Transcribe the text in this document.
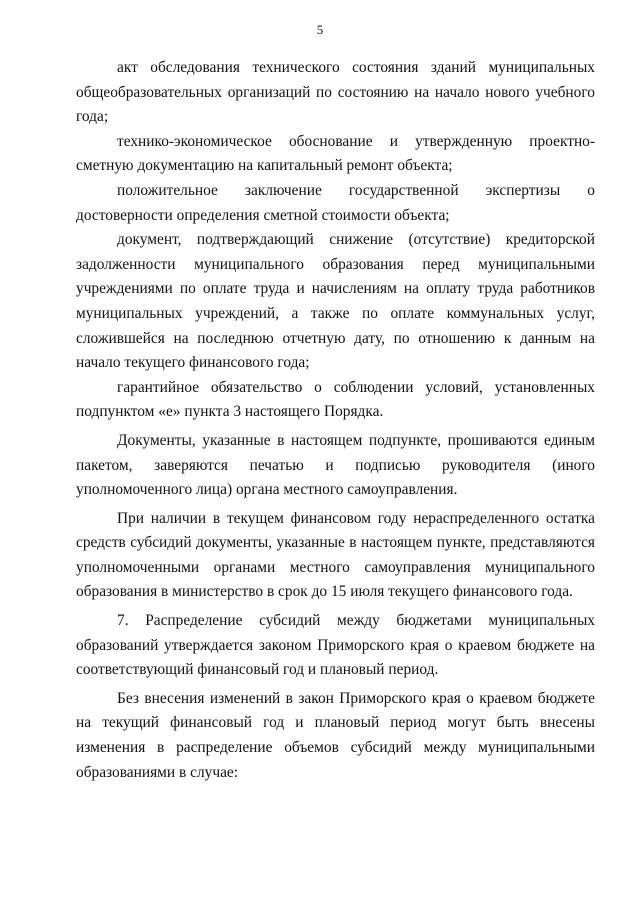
5

акт обследования технического состояния зданий муниципальных общеобразовательных организаций по состоянию на начало нового учебного года;

технико-экономическое обоснование и утвержденную проектно-сметную документацию на капитальный ремонт объекта;

положительное заключение государственной экспертизы о достоверности определения сметной стоимости объекта;

документ, подтверждающий снижение (отсутствие) кредиторской задолженности муниципального образования перед муниципальными учреждениями по оплате труда и начислениям на оплату труда работников муниципальных учреждений, а также по оплате коммунальных услуг, сложившейся на последнюю отчетную дату, по отношению к данным на начало текущего финансового года;

гарантийное обязательство о соблюдении условий, установленных подпунктом «е» пункта 3 настоящего Порядка.

Документы, указанные в настоящем подпункте, прошиваются единым пакетом, заверяются печатью и подписью руководителя (иного уполномоченного лица) органа местного самоуправления.

При наличии в текущем финансовом году нераспределенного остатка средств субсидий документы, указанные в настоящем пункте, представляются уполномоченными органами местного самоуправления муниципального образования в министерство в срок до 15 июля текущего финансового года.

7. Распределение субсидий между бюджетами муниципальных образований утверждается законом Приморского края о краевом бюджете на соответствующий финансовый год и плановый период.

Без внесения изменений в закон Приморского края о краевом бюджете на текущий финансовый год и плановый период могут быть внесены изменения в распределение объемов субсидий между муниципальными образованиями в случае:
